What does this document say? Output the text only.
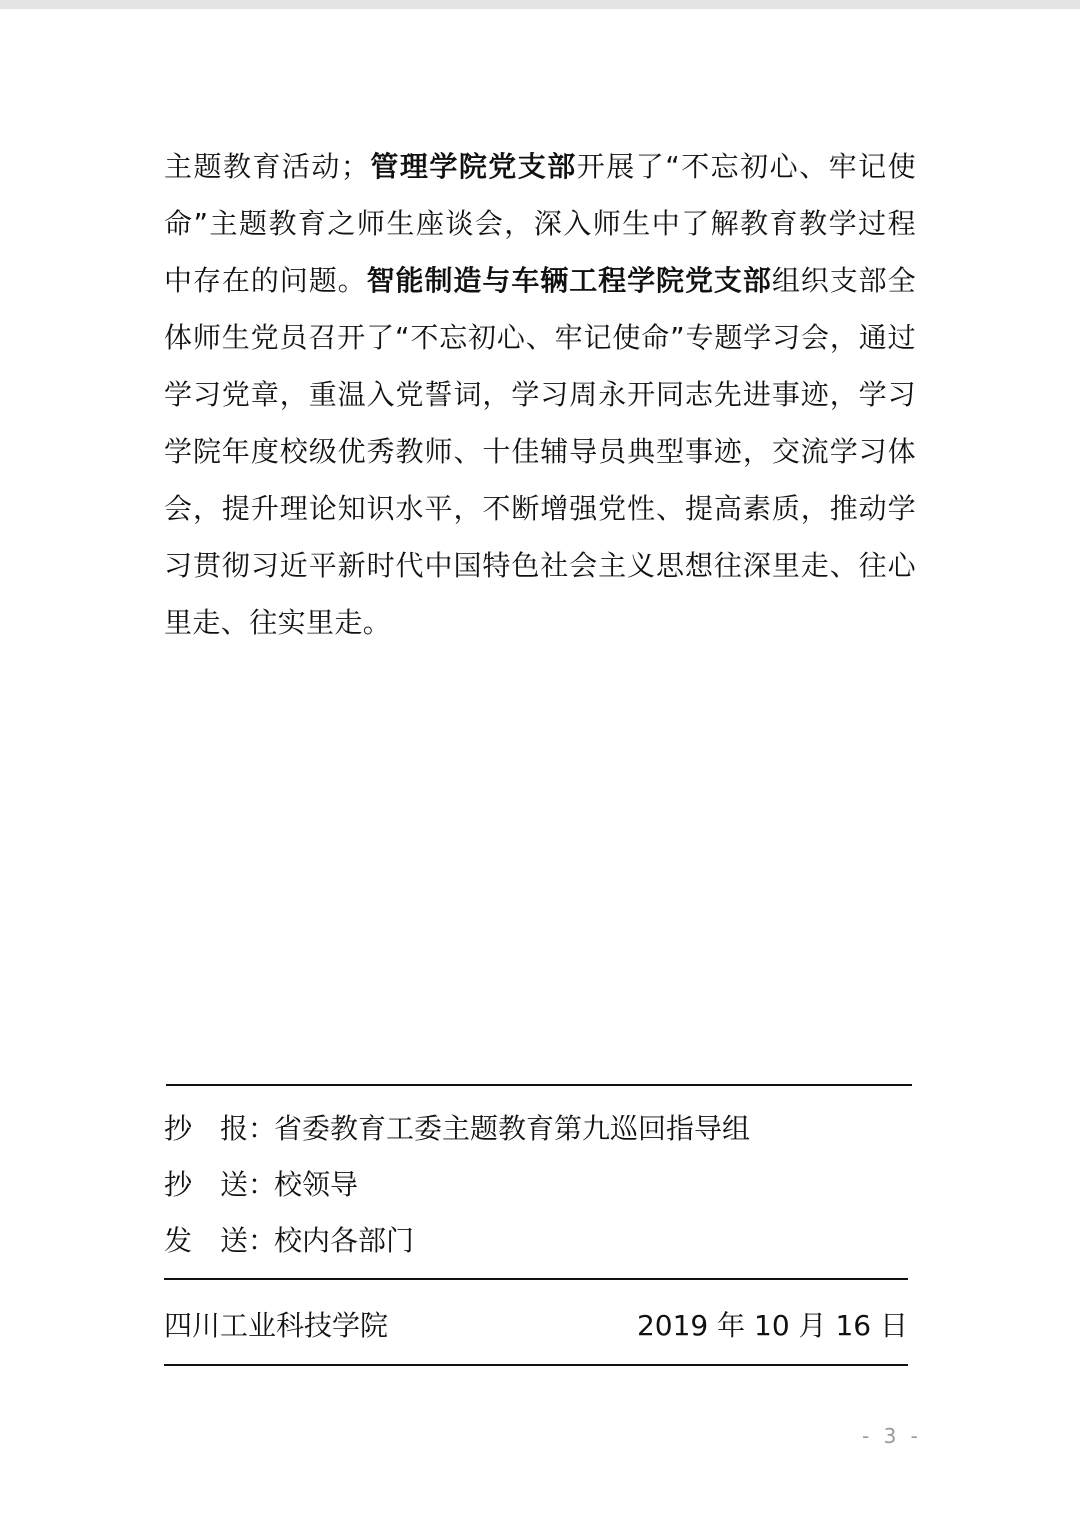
主题教育活动；管理学院党支部开展了“不忘初心、牢记使命”主题教育之师生座谈会，深入师生中了解教育教学过程中存在的问题。智能制造与车辆工程学院党支部组织支部全体师生党员召开了“不忘初心、牢记使命”专题学习会，通过学习党章，重温入党誓词，学习周永开同志先进事迹，学习学院年度校级优秀教师、十佳辅导员典型事迹，交流学习体会，提升理论知识水平，不断增强党性、提高素质，推动学习贯彻习近平新时代中国特色社会主义思想往深里走、往心里走、往实里走。

抄 报：省委教育工委主题教育第九巡回指导组
抄 送：校领导
发 送：校内各部门
四川工业科技学院	2019 年 10 月 16 日
- 3 -
